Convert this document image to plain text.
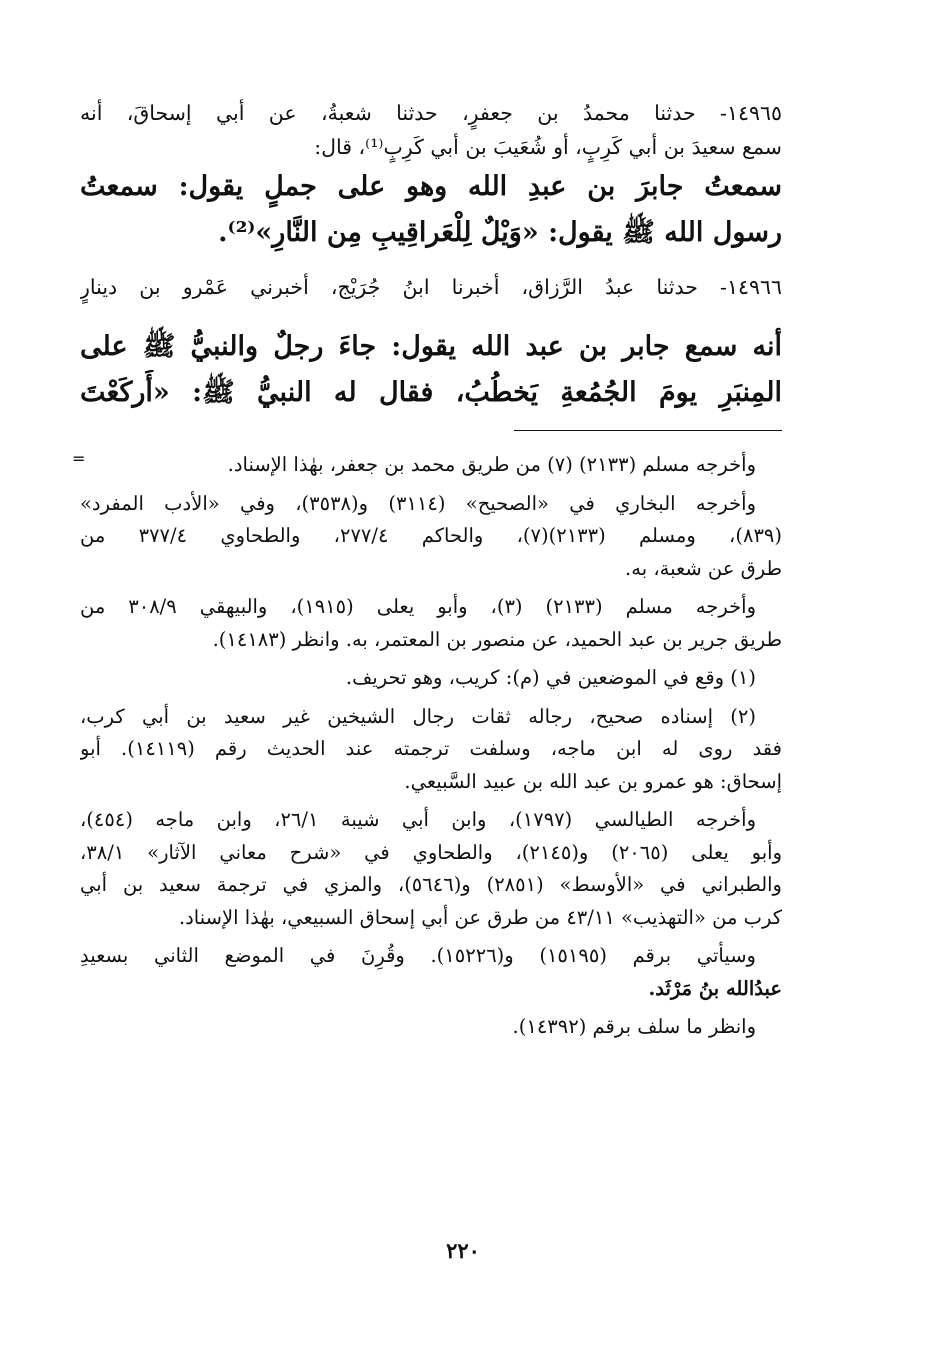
١٤٩٦٥- حدثنا محمدُ بن جعفرٍ، حدثنا شعبةُ، عن أبي إسحاقَ، أنه
سمع سعيدَ بن أبي كَرِبٍ، أو شُعَيبَ بن أبي كَرِبٍ⁽¹⁾، قال:
سمعتُ جابرَ بن عبدِ الله وهو على جملٍ يقول: سمعتُ
رسول الله ﷺ يقول: «وَيْلٌ لِلْعَراقِيبِ مِن النَّارِ»⁽²⁾.
١٤٩٦٦- حدثنا عبدُ الرَّزاق، أخبرنا ابنُ جُرَيْج، أخبرني عَمْرو بن دينارٍ
أنه سمع جابر بن عبد الله يقول: جاءَ رجلٌ والنبيُّ ﷺ على
المِنبَرِ يومَ الجُمُعةِ يَخطُبُ، فقال له النبيُّ ﷺ: «أَركَعْتَ
=	وأخرجه مسلم (٢١٣٣) (٧) من طريق محمد بن جعفر، بهٰذا الإسناد.
وأخرجه البخاري في «الصحيح» (٣١١٤) و(٣٥٣٨)، وفي «الأدب المفرد»
(٨٣٩)، ومسلم (٢١٣٣)(٧)، والحاكم ٢٧٧/٤، والطحاوي ٣٧٧/٤ من
طرق عن شعبة، به.
وأخرجه مسلم (٢١٣٣) (٣)، وأبو يعلى (١٩١٥)، والبيهقي ٣٠٨/٩ من
طريق جرير بن عبد الحميد، عن منصور بن المعتمر، به. وانظر (١٤١٨٣).
(١) وقع في الموضعين في (م): كريب، وهو تحريف.
(٢) إسناده صحيح، رجاله ثقات رجال الشيخين غير سعيد بن أبي كرب،
فقد روى له ابن ماجه، وسلفت ترجمته عند الحديث رقم (١٤١١٩). أبو
إسحاق: هو عمرو بن عبد الله بن عبيد السَّبيعي.
وأخرجه الطيالسي (١٧٩٧)، وابن أبي شيبة ٢٦/١، وابن ماجه (٤٥٤)،
وأبو يعلى (٢٠٦٥) و(٢١٤٥)، والطحاوي في «شرح معاني الآثار» ٣٨/١،
والطبراني في «الأوسط» (٢٨٥١) و(٥٦٤٦)، والمزي في ترجمة سعيد بن أبي
كرب من «التهذيب» ٤٣/١١ من طرق عن أبي إسحاق السبيعي، بهٰذا الإسناد.
وسيأتي برقم (١٥١٩٥) و(١٥٢٢٦). وقُرِنَ في الموضع الثاني بسعيدِ
عبدُالله بنُ مَرْثَد.
وانظر ما سلف برقم (١٤٣٩٢).
٢٢٠
